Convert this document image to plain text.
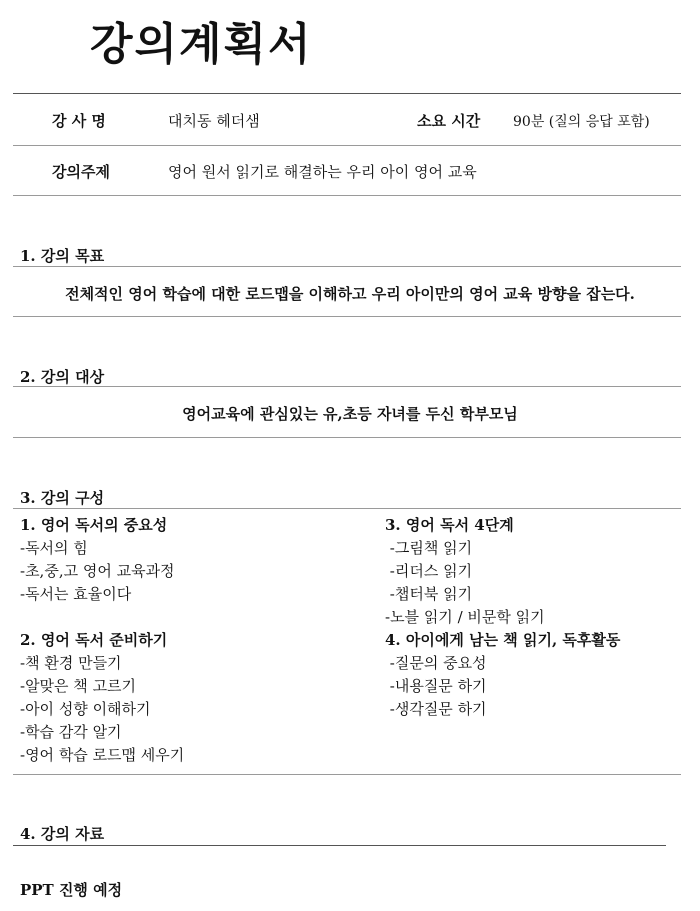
강의계획서
강 사 명	대치동 헤더샘	소요 시간 90분 (질의 응답 포함)
강의주제	영어 원서 읽기로 해결하는 우리 아이 영어 교육
1. 강의 목표
전체적인 영어 학습에 대한 로드맵을 이해하고 우리 아이만의 영어 교육 방향을 잡는다.
2. 강의 대상
영어교육에 관심있는 유,초등 자녀를 두신 학부모님
3. 강의 구성
1. 영어 독서의 중요성
-독서의 힘
-초,중,고 영어 교육과정
-독서는 효율이다
2. 영어 독서 준비하기
-책 환경 만들기
-알맞은 책 고르기
-아이 성향 이해하기
-학습 감각 알기
-영어 학습 로드맵 세우기
3. 영어 독서 4단계
-그림책 읽기
-리더스 읽기
-챕터북 읽기
-노블 읽기 / 비문학 읽기
4. 아이에게 남는 책 읽기, 독후활동
-질문의 중요성
-내용질문 하기
-생각질문 하기
4. 강의 자료
PPT 진행 예정
